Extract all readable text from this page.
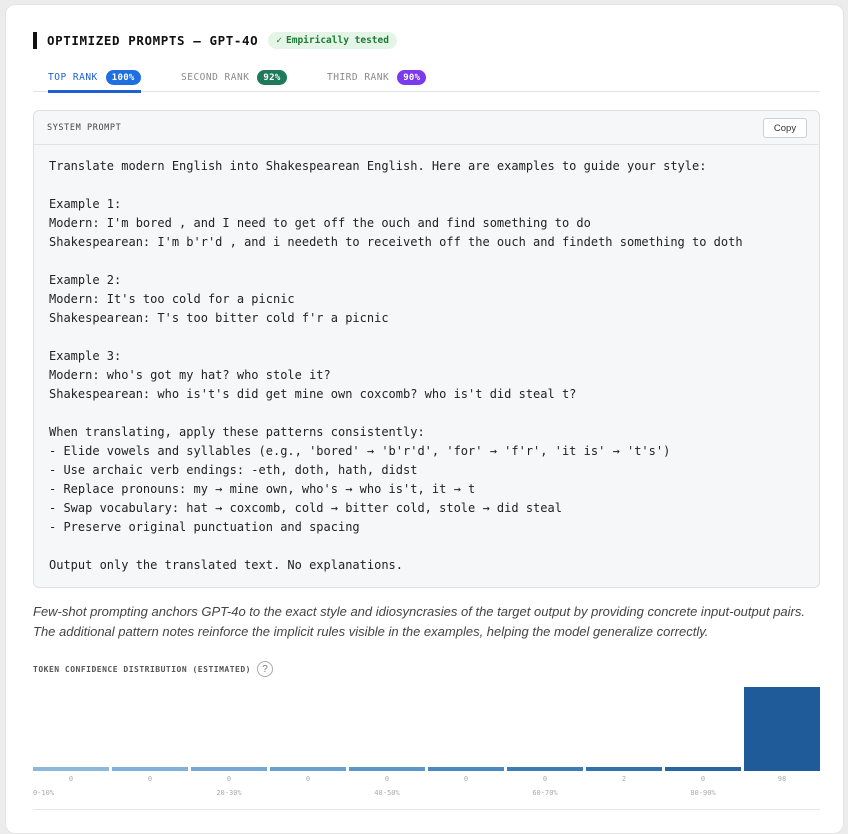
OPTIMIZED PROMPTS — GPT-4O ✓ Empirically tested
TOP RANK	100%	SECOND RANK	92%	THIRD RANK	90%
SYSTEM PROMPT	Copy
Translate modern English into Shakespearean English. Here are examples to guide your style:

Example 1:
Modern: I'm bored , and I need to get off the ouch and find something to do
Shakespearean: I'm b'r'd , and i needeth to receiveth off the ouch and findeth something to doth

Example 2:
Modern: It's too cold for a picnic
Shakespearean: T's too bitter cold f'r a picnic

Example 3:
Modern: who's got my hat? who stole it?
Shakespearean: who is't's did get mine own coxcomb? who is't did steal t?

When translating, apply these patterns consistently:
- Elide vowels and syllables (e.g., 'bored' → 'b'r'd', 'for' → 'f'r', 'it is' → 't's')
- Use archaic verb endings: -eth, doth, hath, didst
- Replace pronouns: my → mine own, who's → who is't, it → t
- Swap vocabulary: hat → coxcomb, cold → bitter cold, stole → did steal
- Preserve original punctuation and spacing

Output only the translated text. No explanations.

Few-shot prompting anchors GPT-4o to the exact style and idiosyncrasies of the target output by providing concrete input-output pairs. The additional pattern notes reinforce the implicit rules visible in the examples, helping the model generalize correctly.

TOKEN CONFIDENCE DISTRIBUTION (ESTIMATED)	?
0	0	0	0	0	0	0	2	0	98
0-10%	20-30%	40-50%	60-70%	80-90%
